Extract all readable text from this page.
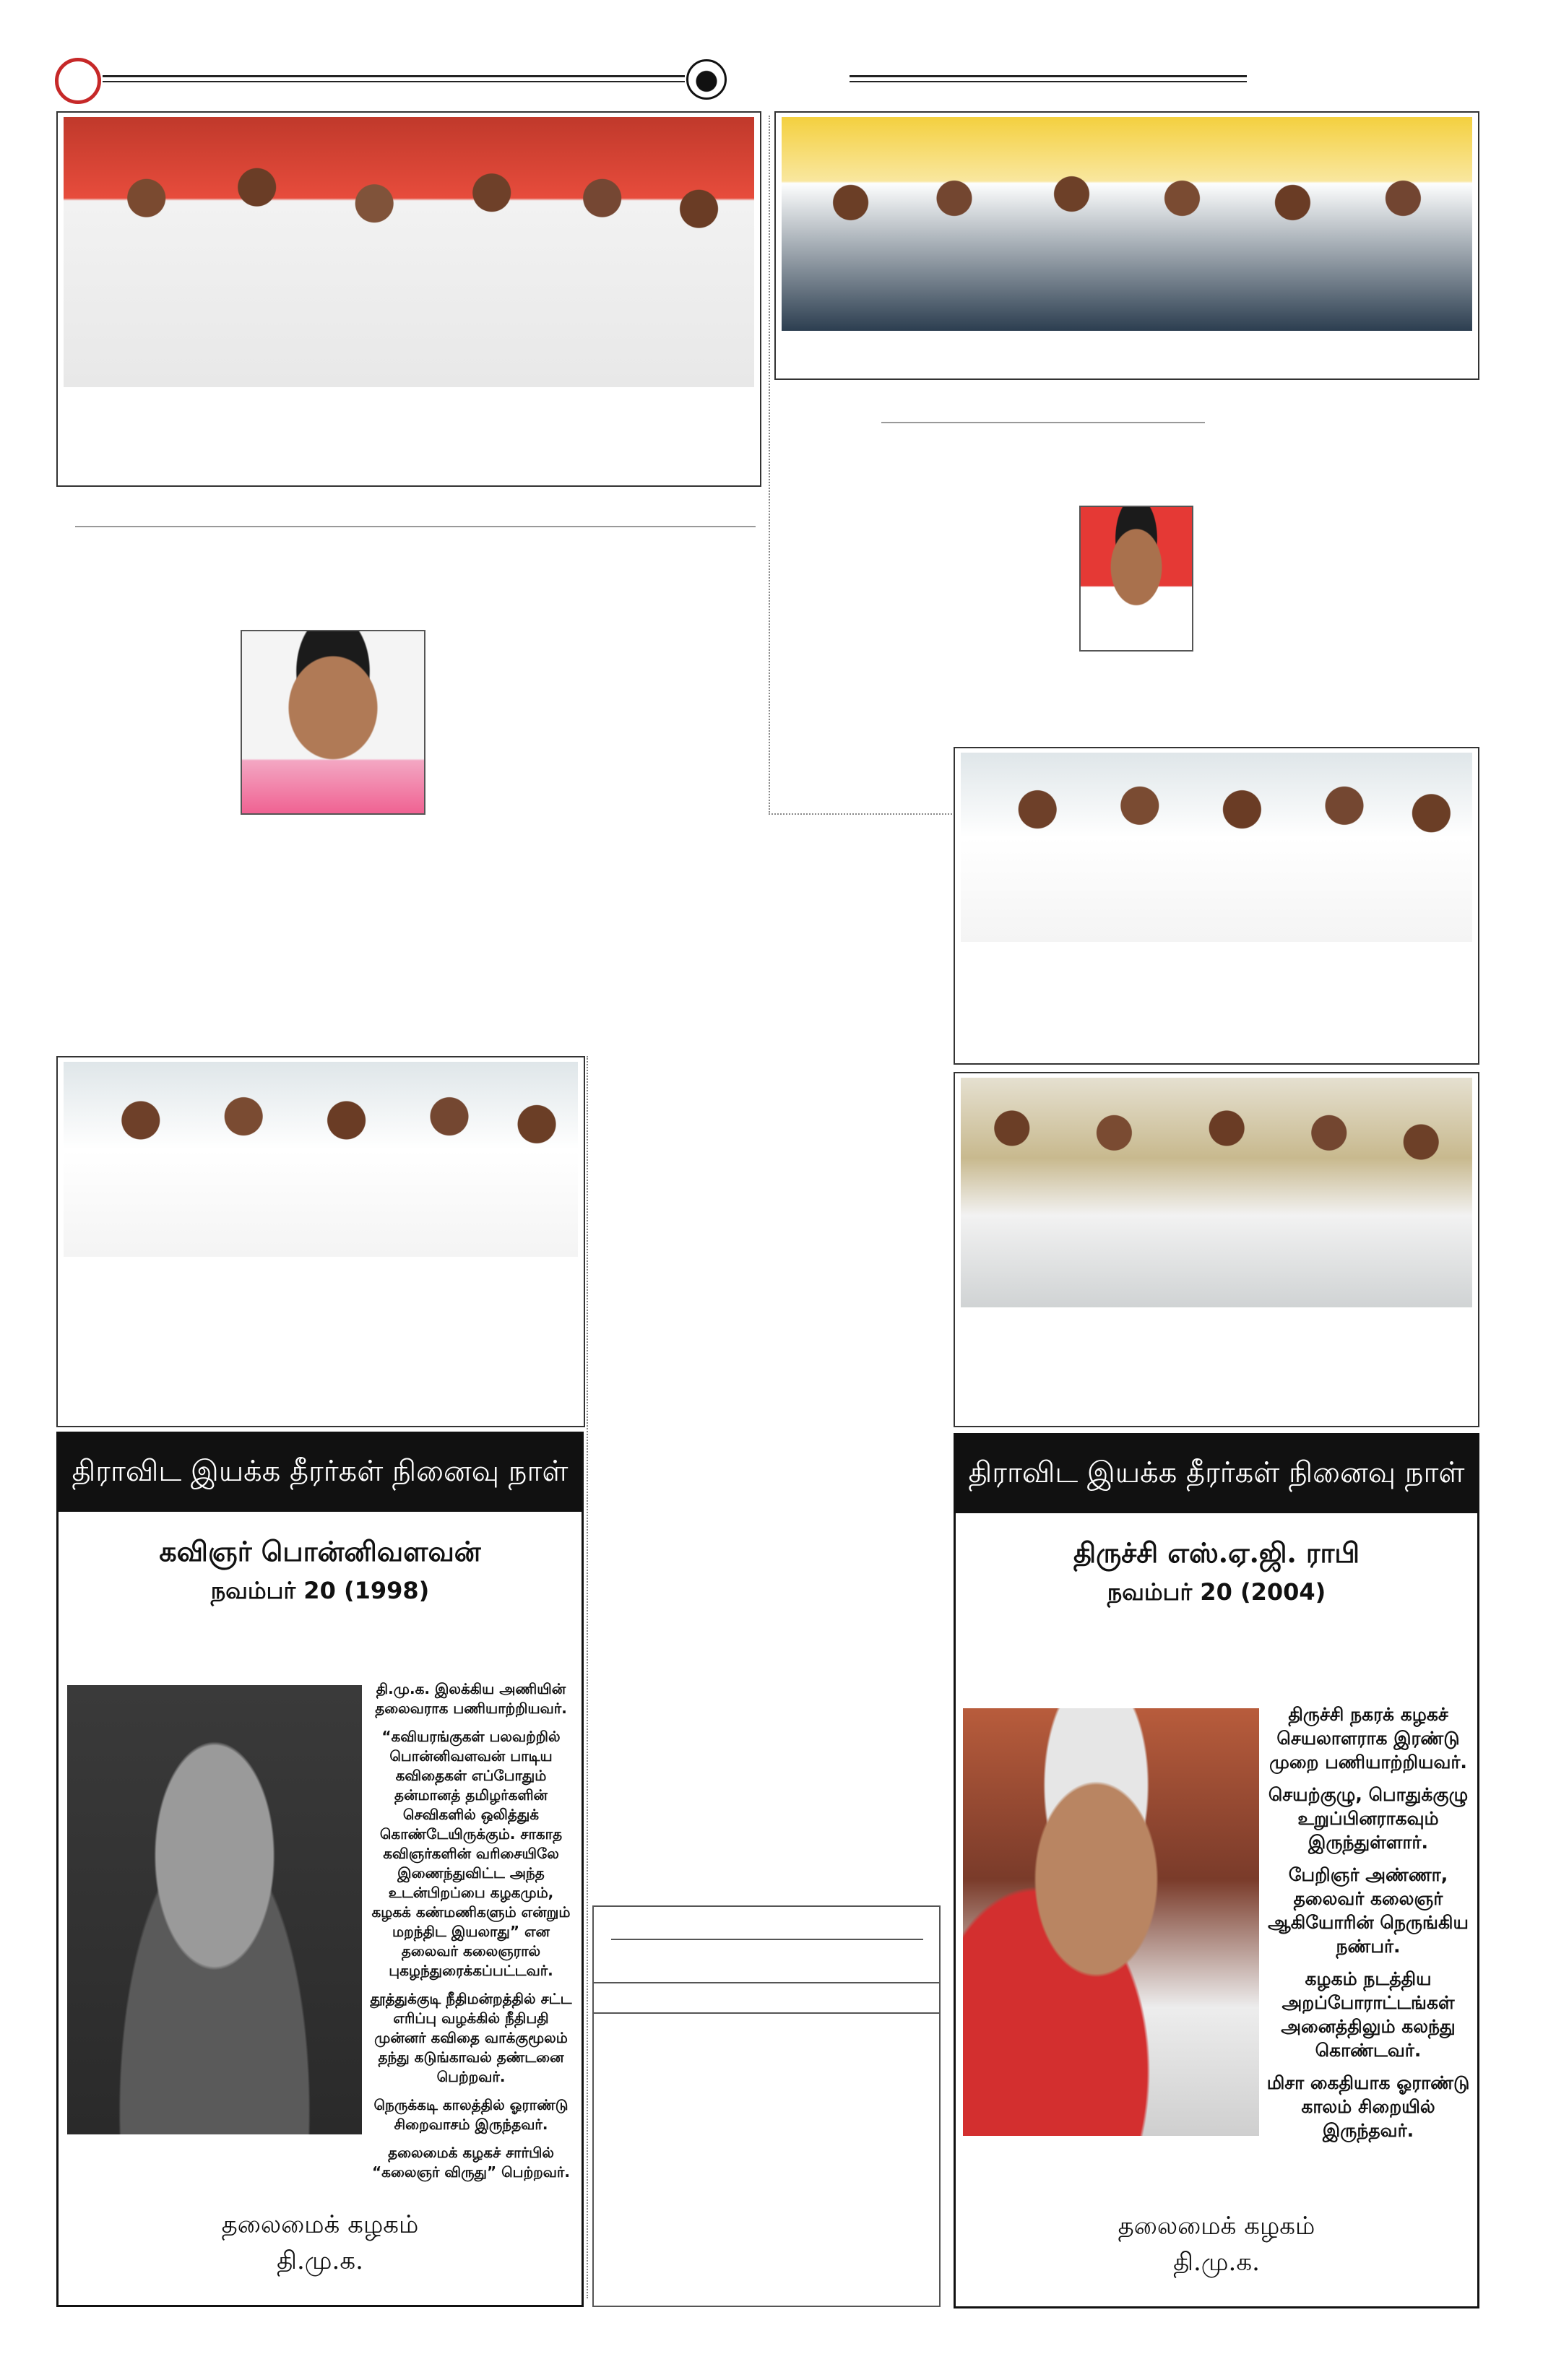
திராவிட இயக்க தீரர்கள் நினைவு நாள்
கவிஞர் பொன்னிவளவன்
நவம்பர் 20 (1998)

தி.மு.க. இலக்கிய அணியின் தலைவராக பணியாற்றியவர்.

“கவியரங்குகள் பலவற்றில் பொன்னிவளவன் பாடிய கவிதைகள் எப்போதும் தன்மானத் தமிழர்களின் செவிகளில் ஒலித்துக் கொண்டேயிருக்கும். சாகாத கவிஞர்களின் வரிசையிலே இணைந்துவிட்ட அந்த உடன்பிறப்பை கழகமும், கழகக் கண்மணிகளும் என்றும் மறந்திட இயலாது” என தலைவர் கலைஞரால் புகழந்துரைக்கப்பட்டவர்.

தூத்துக்குடி நீதிமன்றத்தில் சட்ட எரிப்பு வழக்கில் நீதிபதி முன்னர் கவிதை வாக்குமூலம் தந்து கடுங்காவல் தண்டனை பெற்றவர்.

நெருக்கடி காலத்தில் ஓராண்டு சிறைவாசம் இருந்தவர்.

தலைமைக் கழகச் சார்பில் “கலைஞர் விருது” பெற்றவர்.

தலைமைக் கழகம்
தி.மு.க.
திராவிட இயக்க தீரர்கள் நினைவு நாள்
திருச்சி எஸ்.ஏ.ஜி. ராபி
நவம்பர் 20 (2004)

திருச்சி நகரக் கழகச் செயலாளராக இரண்டு முறை பணியாற்றியவர்.

செயற்குழு, பொதுக்குழு உறுப்பினராகவும் இருந்துள்ளார்.

பேறிஞர் அண்ணா, தலைவர் கலைஞர் ஆகியோரின் நெருங்கிய நண்பர்.

கழகம் நடத்திய அறப்போராட்டங்கள் அனைத்திலும் கலந்து கொண்டவர்.

மிசா கைதியாக ஓராண்டு காலம் சிறையில் இருந்தவர்.

தலைமைக் கழகம்
தி.மு.க.
